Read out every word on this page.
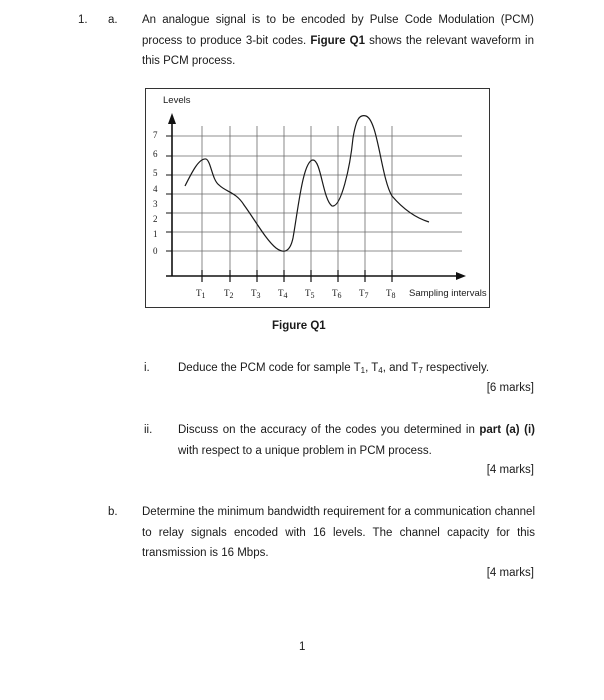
1. a. An analogue signal is to be encoded by Pulse Code Modulation (PCM) process to produce 3-bit codes. Figure Q1 shows the relevant waveform in this PCM process.
Levels
7
6
5
4
3
2
1
0
$T_1$ $T_2$ $T_3$ $T_4$ $T_5$ $T_6$ $T_7$ $T_8$ Sampling intervals
Figure Q1
i. Deduce the PCM code for sample $T_1$, $T_4$, and $T_7$ respectively.
[6 marks]
ii. Discuss on the accuracy of the codes you determined in part (a) (i) with respect to a unique problem in PCM process.
[4 marks]
b. Determine the minimum bandwidth requirement for a communication channel to relay signals encoded with 16 levels. The channel capacity for this transmission is 16 Mbps.
[4 marks]
1
